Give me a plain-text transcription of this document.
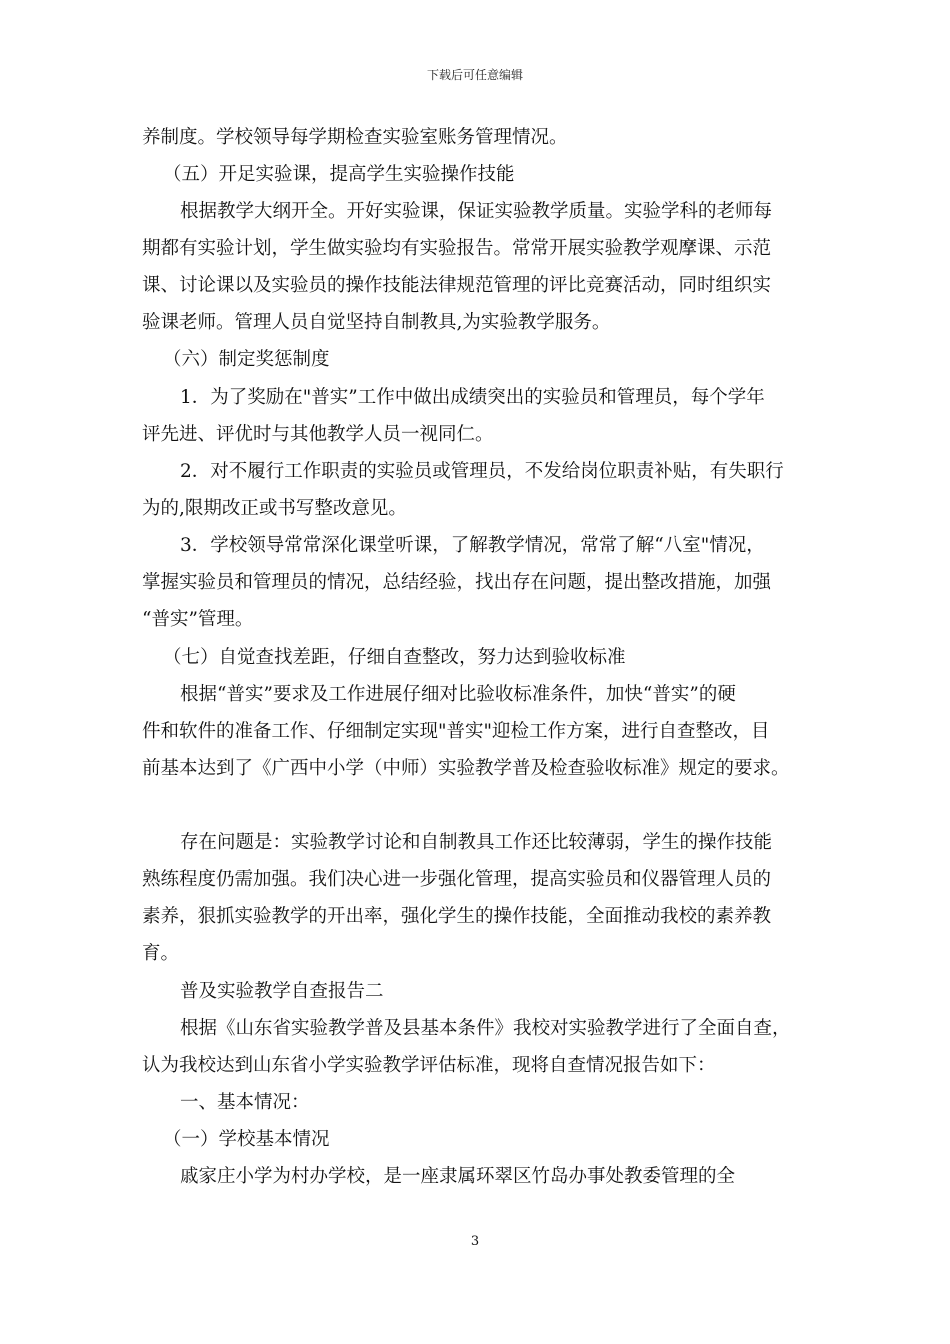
下载后可任意编辑
养制度。学校领导每学期检查实验室账务管理情况。
（五）开足实验课，提高学生实验操作技能
根据教学大纲开全。开好实验课，保证实验教学质量。实验学科的老师每
期都有实验计划，学生做实验均有实验报告。常常开展实验教学观摩课、示范
课、讨论课以及实验员的操作技能法律规范管理的评比竞赛活动，同时组织实
验课老师。管理人员自觉坚持自制教具,为实验教学服务。
（六）制定奖惩制度
1．为了奖励在"普实”工作中做出成绩突出的实验员和管理员，每个学年
评先进、评优时与其他教学人员一视同仁。
2．对不履行工作职责的实验员或管理员，不发给岗位职责补贴，有失职行
为的,限期改正或书写整改意见。
3．学校领导常常深化课堂听课，了解教学情况，常常了解“八室"情况，
掌握实验员和管理员的情况，总结经验，找出存在问题，提出整改措施，加强
“普实”管理。
（七）自觉查找差距，仔细自查整改，努力达到验收标准
根据“普实”要求及工作进展仔细对比验收标准条件，加快“普实”的硬
件和软件的准备工作、仔细制定实现"普实"迎检工作方案，进行自查整改，目
前基本达到了《广西中小学（中师）实验教学普及检查验收标准》规定的要求。
存在问题是：实验教学讨论和自制教具工作还比较薄弱，学生的操作技能
熟练程度仍需加强。我们决心进一步强化管理，提高实验员和仪器管理人员的
素养，狠抓实验教学的开出率，强化学生的操作技能，全面推动我校的素养教
育。
普及实验教学自查报告二
根据《山东省实验教学普及县基本条件》我校对实验教学进行了全面自查，
认为我校达到山东省小学实验教学评估标准，现将自查情况报告如下：
一、基本情况：
（一）学校基本情况
戚家庄小学为村办学校，是一座隶属环翠区竹岛办事处教委管理的全
3
